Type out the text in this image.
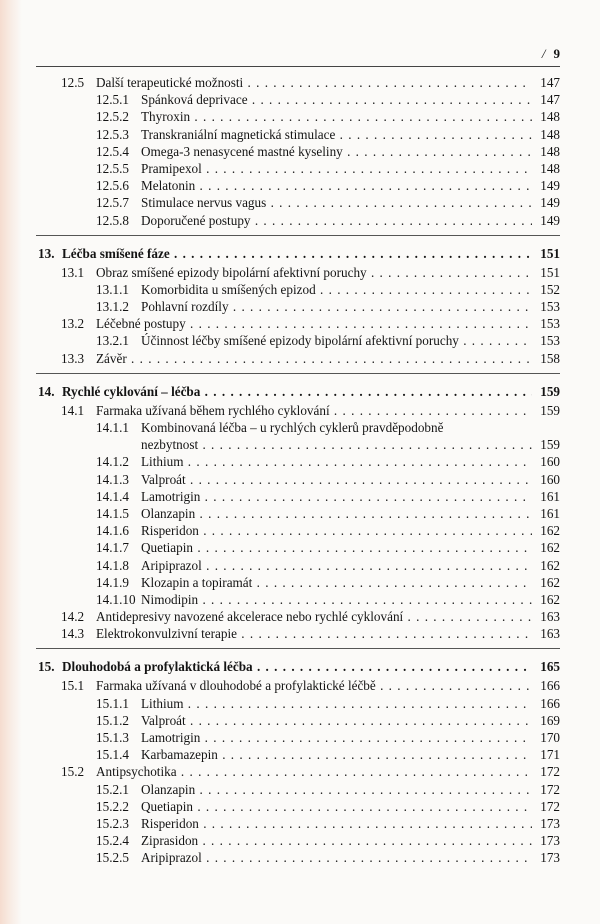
/ 9
12.5 Další terapeutické možnosti . . .	147
12.5.1 Spánková deprivace . . .	147
12.5.2 Thyroxin . . .	148
12.5.3 Transkraniální magnetická stimulace . . .	148
12.5.4 Omega-3 nenasycené mastné kyseliny . . .	148
12.5.5 Pramipexol . . .	148
12.5.6 Melatonin . . .	149
12.5.7 Stimulace nervus vagus . . .	149
12.5.8 Doporučené postupy . . .	149
13. Léčba smíšené fáze . . .	151
13.1 Obraz smíšené epizody bipolární afektivní poruchy . . .	151
13.1.1 Komorbidita u smíšených epizod . . .	152
13.1.2 Pohlavní rozdíly . . .	153
13.2 Léčebné postupy . . .	153
13.2.1 Účinnost léčby smíšené epizody bipolární afektivní poruchy . . .	153
13.3 Závěr . . .	158
14. Rychlé cyklování – léčba . . .	159
14.1 Farmaka užívaná během rychlého cyklování . . .	159
14.1.1 Kombinovaná léčba – u rychlých cyklerů pravděpodobně
nezbytnost . . .	159
14.1.2 Lithium . . .	160
14.1.3 Valproát . . .	160
14.1.4 Lamotrigin . . .	161
14.1.5 Olanzapin . . .	161
14.1.6 Risperidon . . .	162
14.1.7 Quetiapin . . .	162
14.1.8 Aripiprazol . . .	162
14.1.9 Klozapin a topiramát . . .	162
14.1.10 Nimodipin . . .	162
14.2 Antidepresivy navozené akcelerace nebo rychlé cyklování . . .	163
14.3 Elektrokonvulzivní terapie . . .	163
15. Dlouhodobá a profylaktická léčba . . .	165
15.1 Farmaka užívaná v dlouhodobé a profylaktické léčbě . . .	166
15.1.1 Lithium . . .	166
15.1.2 Valproát . . .	169
15.1.3 Lamotrigin . . .	170
15.1.4 Karbamazepin . . .	171
15.2 Antipsychotika . . .	172
15.2.1 Olanzapin . . .	172
15.2.2 Quetiapin . . .	172
15.2.3 Risperidon . . .	173
15.2.4 Ziprasidon . . .	173
15.2.5 Aripiprazol . . .	173
